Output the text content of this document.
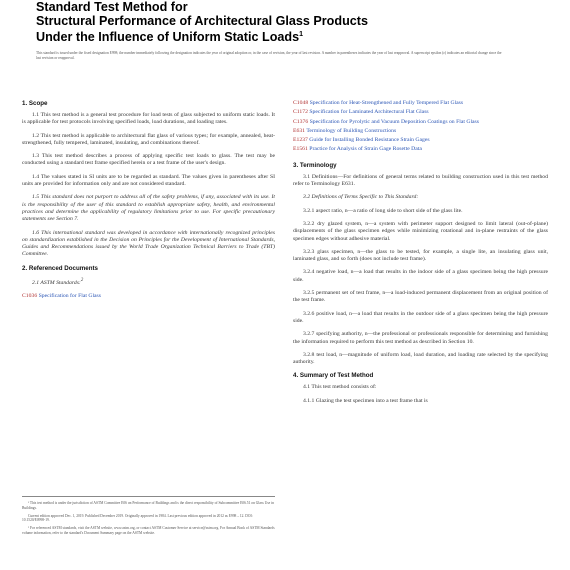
Standard Test Method for
Structural Performance of Architectural Glass Products
Under the Influence of Uniform Static Loads$^1$
This standard is issued under the fixed designation E998; the number immediately following the designation indicates the year of original adoption or, in the case of revision, the year of last revision. A number in parentheses indicates the year of last reapproval. A superscript epsilon (ε) indicates an editorial change since the last revision or reapproval.
1. Scope

1.1 This test method is a general test procedure for load tests of glass subjected to uniform static loads. It is applicable for test protocols involving specified loads, load durations, and loading rates.

1.2 This test method is applicable to architectural flat glass of various types; for example, annealed, heat-strengthened, fully tempered, laminated, insulating, and combinations thereof.

1.3 This test method describes a process of applying specific test loads to glass. The test may be conducted using a standard test frame specified herein or a test frame of the user's design.

1.4 The values stated in SI units are to be regarded as standard. The values given in parentheses after SI units are provided for information only and are not considered standard.

1.5 This standard does not purport to address all of the safety problems, if any, associated with its use. It is the responsibility of the user of this standard to establish appropriate safety, health, and environmental practices and determine the applicability of regulatory limitations prior to use. For specific precautionary statements see Section 7.

1.6 This international standard was developed in accordance with internationally recognized principles on standardization established in the Decision on Principles for the Development of International Standards, Guides and Recommendations issued by the World Trade Organization Technical Barriers to Trade (TBT) Committee.

2. Referenced Documents
2.1 ASTM Standards:$^2$
C1036 Specification for Flat Glass
¹ This test method is under the jurisdiction of ASTM Committee E06 on Performance of Buildings and is the direct responsibility of Subcommittee E06.51 on Glass Use in Buildings.
Current edition approved Dec. 1, 2019. Published December 2019. Originally approved in 1984. Last previous edition approved in 2012 as E998 – 12. DOI: 10.1520/E0998-19.
² For referenced ASTM standards, visit the ASTM website, www.astm.org, or contact ASTM Customer Service at service@astm.org. For Annual Book of ASTM Standards volume information, refer to the standard's Document Summary page on the ASTM website.
C1048 Specification for Heat-Strengthened and Fully Tempered Flat Glass
C1172 Specification for Laminated Architectural Flat Glass
C1376 Specification for Pyrolytic and Vacuum Deposition Coatings on Flat Glass
E631 Terminology of Building Constructions
E1237 Guide for Installing Bonded Resistance Strain Gages
E1561 Practice for Analysis of Strain Gage Rosette Data
3. Terminology

3.1 Definitions—For definitions of general terms related to building construction used in this test method refer to Terminology E631.

3.2 Definitions of Terms Specific to This Standard:

3.2.1 aspect ratio, n—a ratio of long side to short side of the glass lite.

3.2.2 dry glazed system, n—a system with perimeter support designed to limit lateral (out-of-plane) displacements of the glass specimen edges while minimizing rotational and in-plane restraints of the glass specimen edges without adhesive material.

3.2.3 glass specimen, n—the glass to be tested, for example, a single lite, an insulating glass unit, laminated glass, and so forth (does not include test frame).

3.2.4 negative load, n—a load that results in the indoor side of a glass specimen being the high pressure side.

3.2.5 permanent set of test frame, n—a load-induced permanent displacement from an original position of the test frame.

3.2.6 positive load, n—a load that results in the outdoor side of a glass specimen being the high pressure side.

3.2.7 specifying authority, n—the professional or professionals responsible for determining and furnishing the information required to perform this test method as described in Section 10.

3.2.8 test load, n—magnitude of uniform load, load duration, and loading rate selected by the specifying authority.

4. Summary of Test Method

4.1 This test method consists of:

4.1.1 Glazing the test specimen into a test frame that is
